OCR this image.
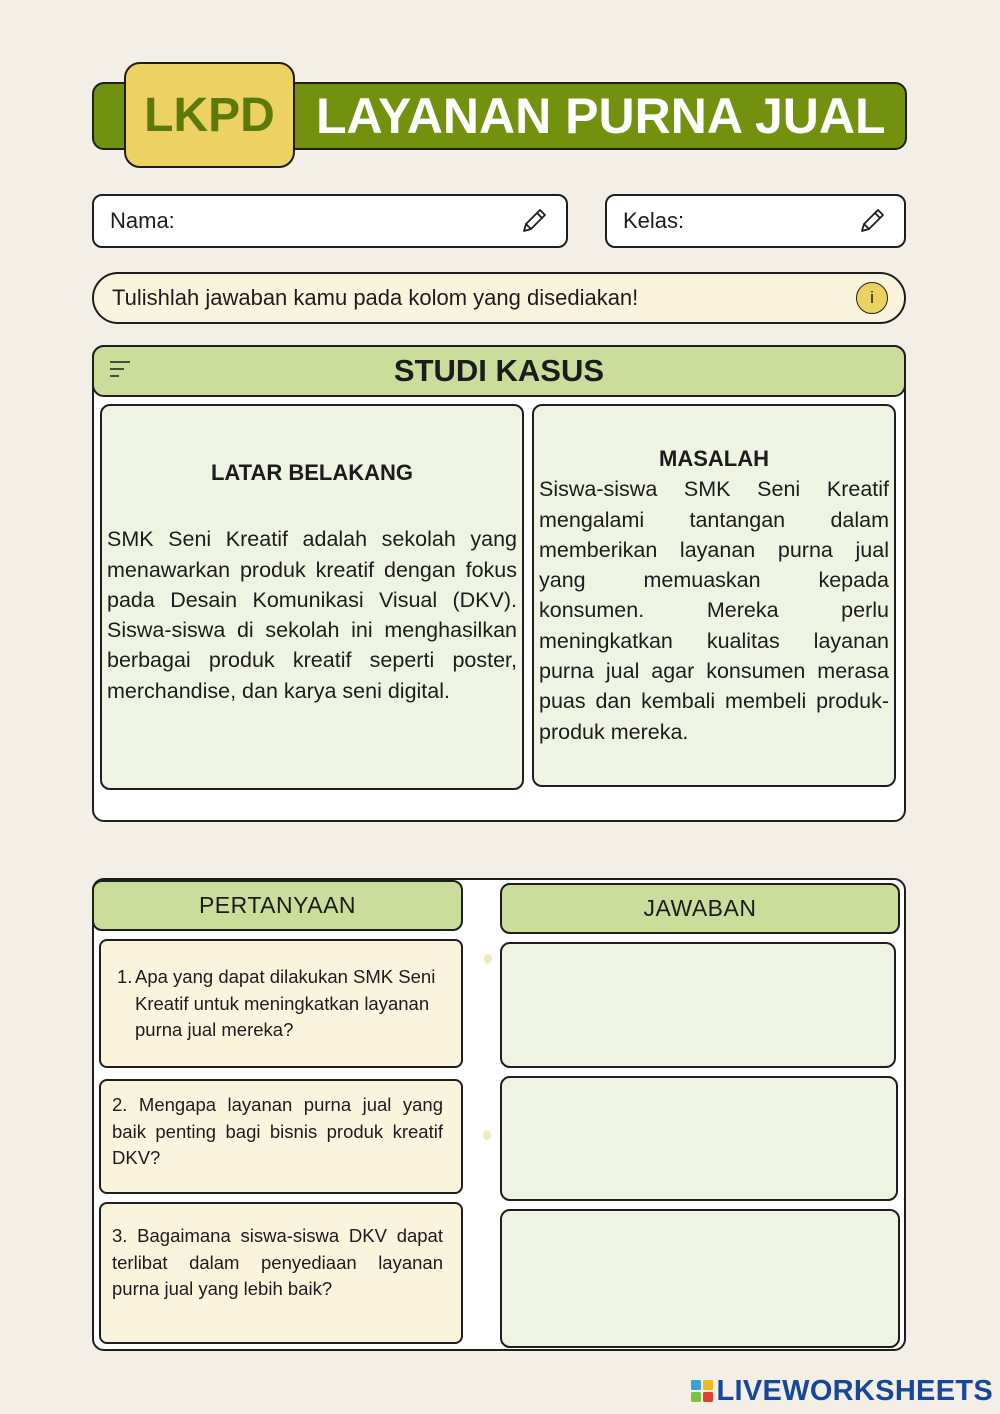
LKPD LAYANAN PURNA JUAL
Nama:	Kelas:
Tulishlah jawaban kamu pada kolom yang disediakan!	i
STUDI KASUS
LATAR BELAKANG

SMK Seni Kreatif adalah sekolah yang menawarkan produk kreatif dengan fokus pada Desain Komunikasi Visual (DKV). Siswa-siswa di sekolah ini menghasilkan berbagai produk kreatif seperti poster, merchandise, dan karya seni digital.

MASALAH

Siswa-siswa SMK Seni Kreatif mengalami tantangan dalam memberikan layanan purna jual yang memuaskan kepada konsumen. Mereka perlu meningkatkan kualitas layanan purna jual agar konsumen merasa puas dan kembali membeli produk-produk mereka.

PERTANYAAN	JAWABAN
1. Apa yang dapat dilakukan SMK Seni Kreatif untuk meningkatkan layanan purna jual mereka?

2. Mengapa layanan purna jual yang baik penting bagi bisnis produk kreatif DKV?

3. Bagaimana siswa-siswa DKV dapat terlibat dalam penyediaan layanan purna jual yang lebih baik?

LIVEWORKSHEETS
